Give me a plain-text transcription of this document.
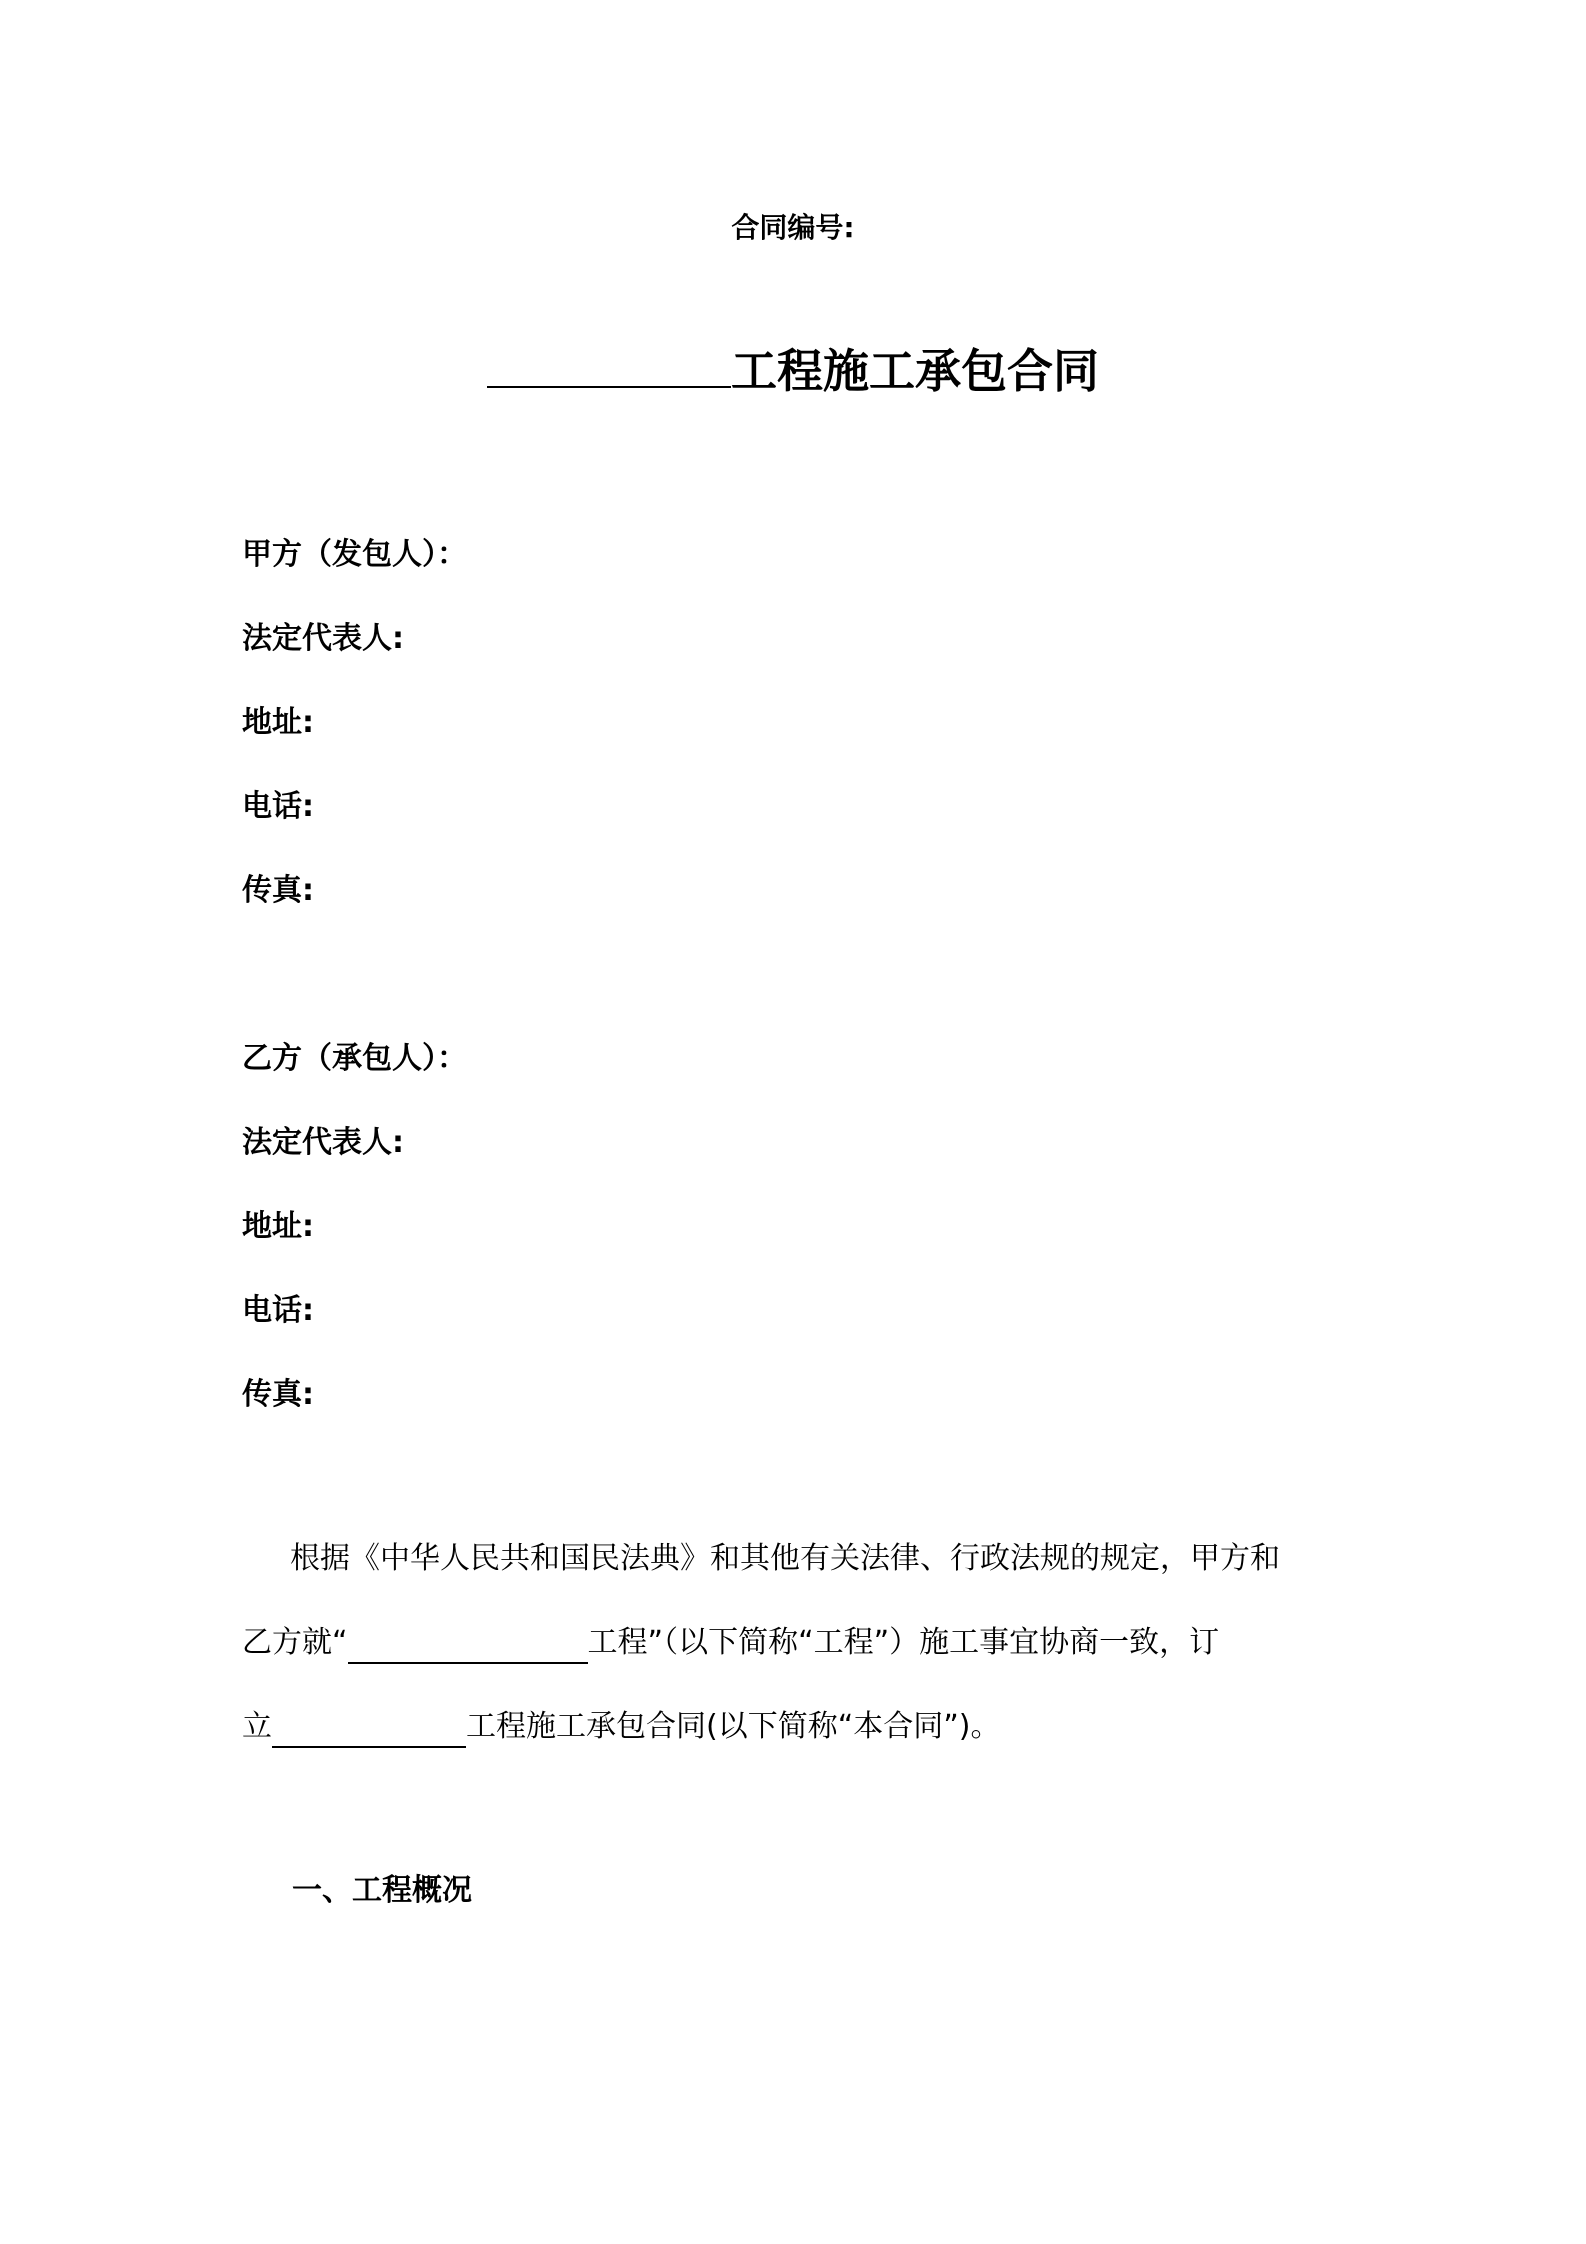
合同编号:
工程施工承包合同
甲方（发包人）：
法定代表人:
地址:
电话:
传真:
乙方（承包人）：
法定代表人:
地址:
电话:
传真:
根据《中华人民共和国民法典》和其他有关法律、行政法规的规定，甲方和
乙方就“	工程”（以下简称“工程”）施工事宜协商一致，订
立	工程施工承包合同(以下简称“本合同”)。
一、工程概况
